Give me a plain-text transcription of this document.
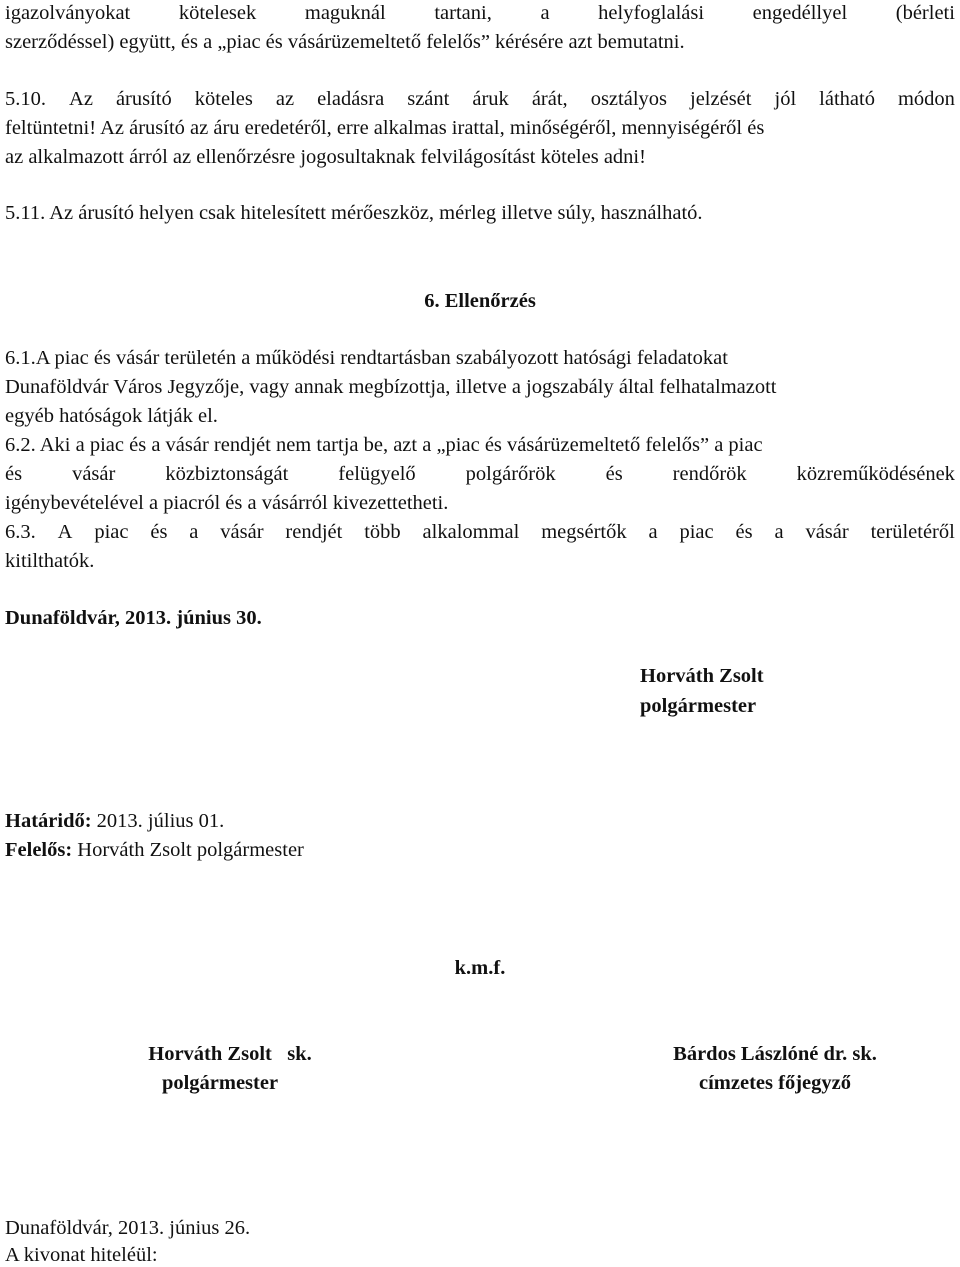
igazolványokat kötelesek maguknál tartani, a helyfoglalási engedéllyel (bérleti
szerződéssel) együtt, és a „piac és vásárüzemeltető felelős” kérésére azt bemutatni.
5.10. Az árusító köteles az eladásra szánt áruk árát, osztályos jelzését jól látható módon
feltüntetni! Az árusító az áru eredetéről, erre alkalmas irattal, minőségéről, mennyiségéről és
az alkalmazott árról az ellenőrzésre jogosultaknak felvilágosítást köteles adni!
5.11. Az árusító helyen csak hitelesített mérőeszköz, mérleg illetve súly, használható.
6. Ellenőrzés
6.1.A piac és vásár területén a működési rendtartásban szabályozott hatósági feladatokat
Dunaföldvár Város Jegyzője, vagy annak megbízottja, illetve a jogszabály által felhatalmazott
egyéb hatóságok látják el.
6.2. Aki a piac és a vásár rendjét nem tartja be, azt a „piac és vásárüzemeltető felelős” a piac
és vásár közbiztonságát felügyelő polgárőrök és rendőrök közreműködésének
igénybevételével a piacról és a vásárról kivezettetheti.
6.3. A piac és a vásár rendjét több alkalommal megsértők a piac és a vásár területéről
kitilthatók.
Dunaföldvár, 2013. június 30.
Horváth Zsolt
polgármester
Határidő: 2013. július 01.
Felelős: Horváth Zsolt polgármester
k.m.f.
Horváth Zsolt   sk.
polgármester
Bárdos Lászlóné dr. sk.
címzetes főjegyző
Dunaföldvár, 2013. június 26.
A kivonat hiteléül:
